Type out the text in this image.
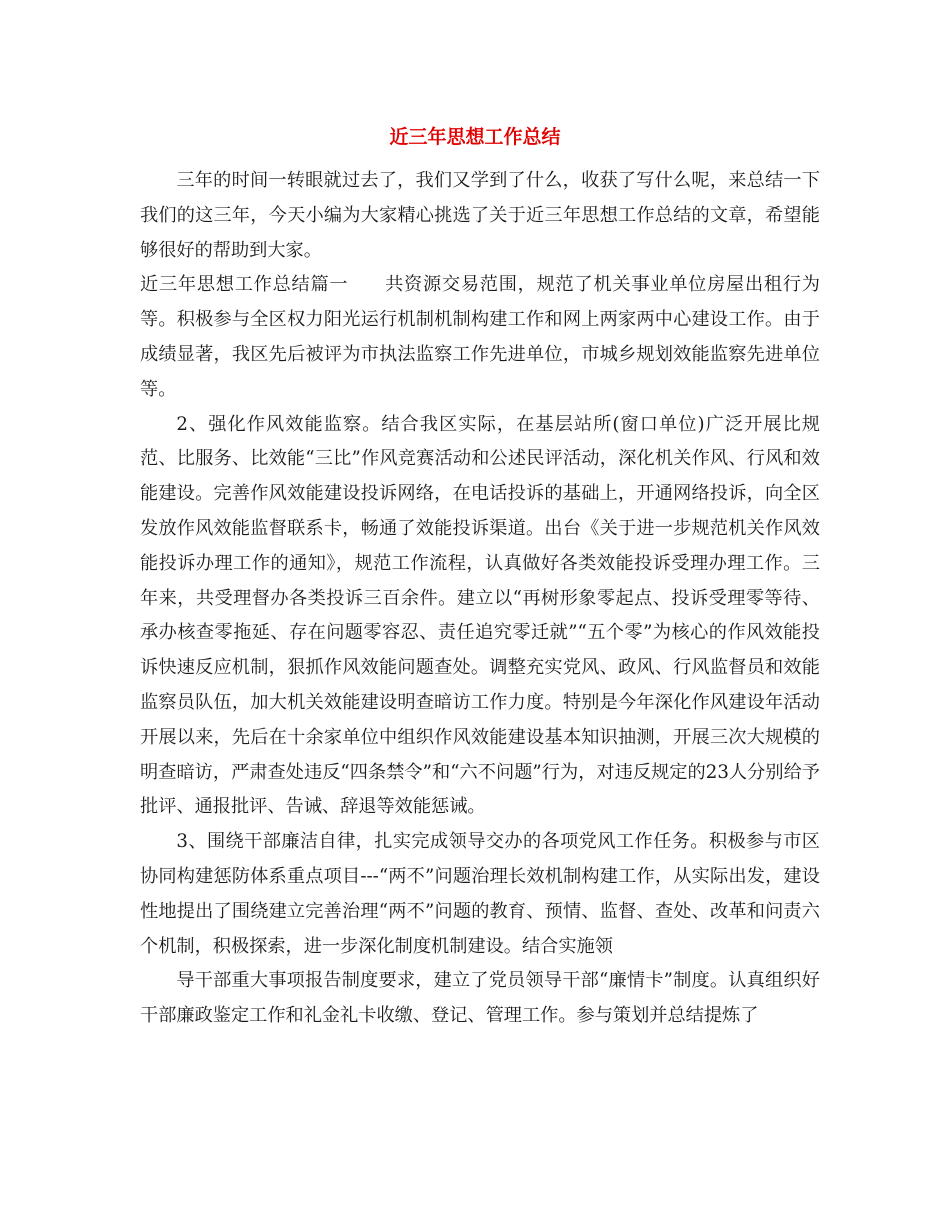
近三年思想工作总结

三年的时间一转眼就过去了，我们又学到了什么，收获了写什么呢，来总结一下我们的这三年，今天小编为大家精心挑选了关于近三年思想工作总结的文章，希望能够很好的帮助到大家。

近三年思想工作总结篇一 共资源交易范围，规范了机关事业单位房屋出租行为等。积极参与全区权力阳光运行机制机制构建工作和网上两家两中心建设工作。由于成绩显著，我区先后被评为市执法监察工作先进单位，市城乡规划效能监察先进单位等。

2、强化作风效能监察。结合我区实际，在基层站所(窗口单位)广泛开展比规范、比服务、比效能“三比”作风竞赛活动和公述民评活动，深化机关作风、行风和效能建设。完善作风效能建设投诉网络，在电话投诉的基础上，开通网络投诉，向全区发放作风效能监督联系卡，畅通了效能投诉渠道。出台《关于进一步规范机关作风效能投诉办理工作的通知》，规范工作流程，认真做好各类效能投诉受理办理工作。三年来，共受理督办各类投诉三百余件。建立以“再树形象零起点、投诉受理零等待、承办核查零拖延、存在问题零容忍、责任追究零迁就”“五个零”为核心的作风效能投诉快速反应机制，狠抓作风效能问题查处。调整充实党风、政风、行风监督员和效能监察员队伍，加大机关效能建设明查暗访工作力度。特别是今年深化作风建设年活动开展以来，先后在十余家单位中组织作风效能建设基本知识抽测，开展三次大规模的明查暗访，严肃查处违反“四条禁令”和“六不问题”行为，对违反规定的23人分别给予批评、通报批评、告诫、辞退等效能惩诫。

3、围绕干部廉洁自律，扎实完成领导交办的各项党风工作任务。积极参与市区协同构建惩防体系重点项目---“两不”问题治理长效机制构建工作，从实际出发，建设性地提出了围绕建立完善治理“两不”问题的教育、预情、监督、查处、改革和问责六个机制，积极探索，进一步深化制度机制建设。结合实施领

导干部重大事项报告制度要求，建立了党员领导干部“廉情卡”制度。认真组织好干部廉政鉴定工作和礼金礼卡收缴、登记、管理工作。参与策划并总结提炼了
